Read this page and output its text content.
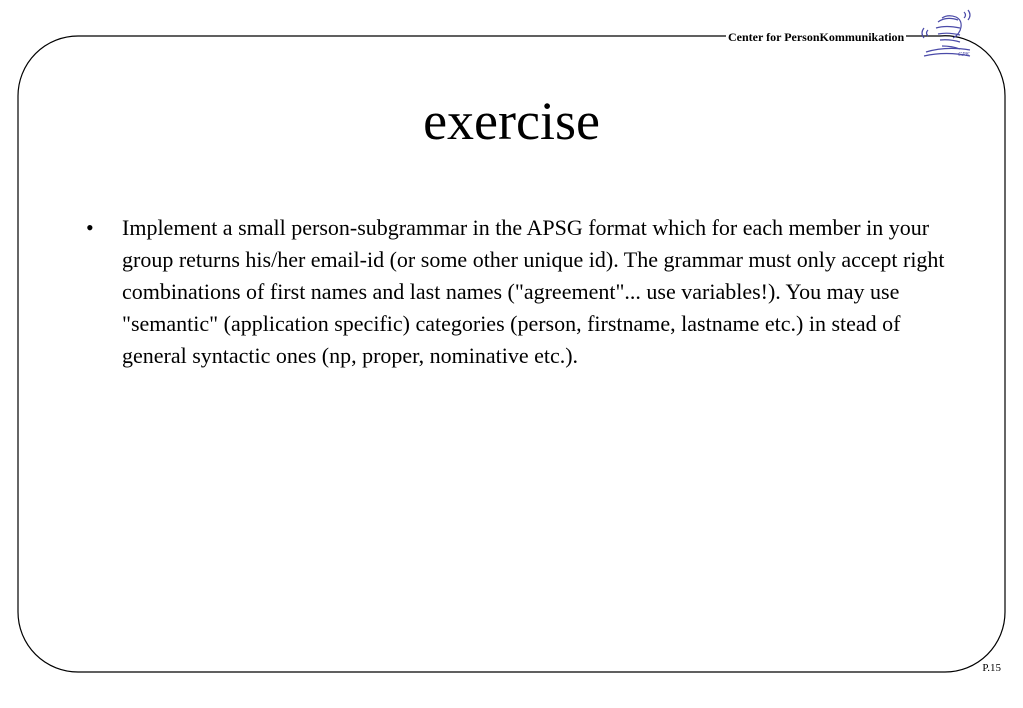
Center for PersonKommunikation
CPK
exercise
• Implement a small person-subgrammar in the APSG format which for each member in your group returns his/her email-id (or some other unique id). The grammar must only accept right combinations of first names and last names ("agreement"... use variables!). You may use "semantic" (application specific) categories (person, firstname, lastname etc.) in stead of general syntactic ones (np, proper, nominative etc.).
P.15
